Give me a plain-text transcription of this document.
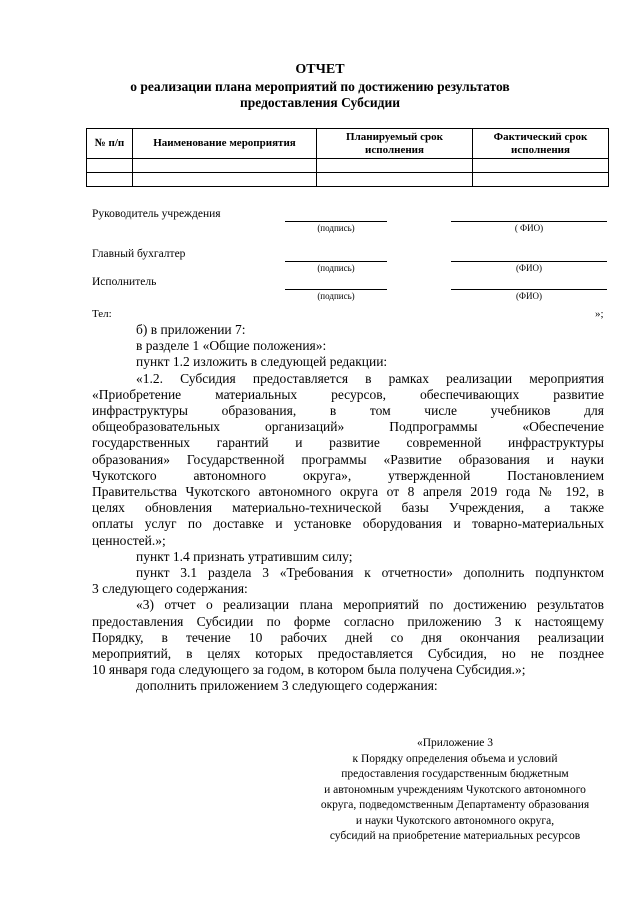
ОТЧЕТ
о реализации плана мероприятий по достижению результатов
предоставления Субсидии
№ п/п	Наименование мероприятия	Планируемый срок исполнения	Фактический срок исполнения

Руководитель учреждения
(подпись)	( ФИО)
Главный бухгалтер
(подпись)	(ФИО)
Исполнитель
(подпись)	(ФИО)
Тел:	»;

б) в приложении 7:

в разделе 1 «Общие положения»:

пункт 1.2 изложить в следующей редакции:

«1.2. Субсидия предоставляется в рамках реализации мероприятия

«Приобретение материальных ресурсов, обеспечивающих развитие

инфраструктуры образования, в том числе учебников для

общеобразовательных организаций» Подпрограммы «Обеспечение

государственных гарантий и развитие современной инфраструктуры

образования» Государственной программы «Развитие образования и науки

Чукотского автономного округа», утвержденной Постановлением

Правительства Чукотского автономного округа от 8 апреля 2019 года № 192, в

целях обновления материально-технической базы Учреждения, а также

оплаты услуг по доставке и установке оборудования и товарно-материальных

ценностей.»;

пункт 1.4 признать утратившим силу;

пункт 3.1 раздела 3 «Требования к отчетности» дополнить подпунктом

3 следующего содержания:

«3) отчет о реализации плана мероприятий по достижению результатов

предоставления Субсидии по форме согласно приложению 3 к настоящему

Порядку, в течение 10 рабочих дней со дня окончания реализации

мероприятий, в целях которых предоставляется Субсидия, но не позднее

10 января года следующего за годом, в котором была получена Субсидия.»;

дополнить приложением 3 следующего содержания:

«Приложение 3

к Порядку определения объема и условий

предоставления государственным бюджетным

и автономным учреждениям Чукотского автономного

округа, подведомственным Департаменту образования

и науки Чукотского автономного округа,

субсидий на приобретение материальных ресурсов
